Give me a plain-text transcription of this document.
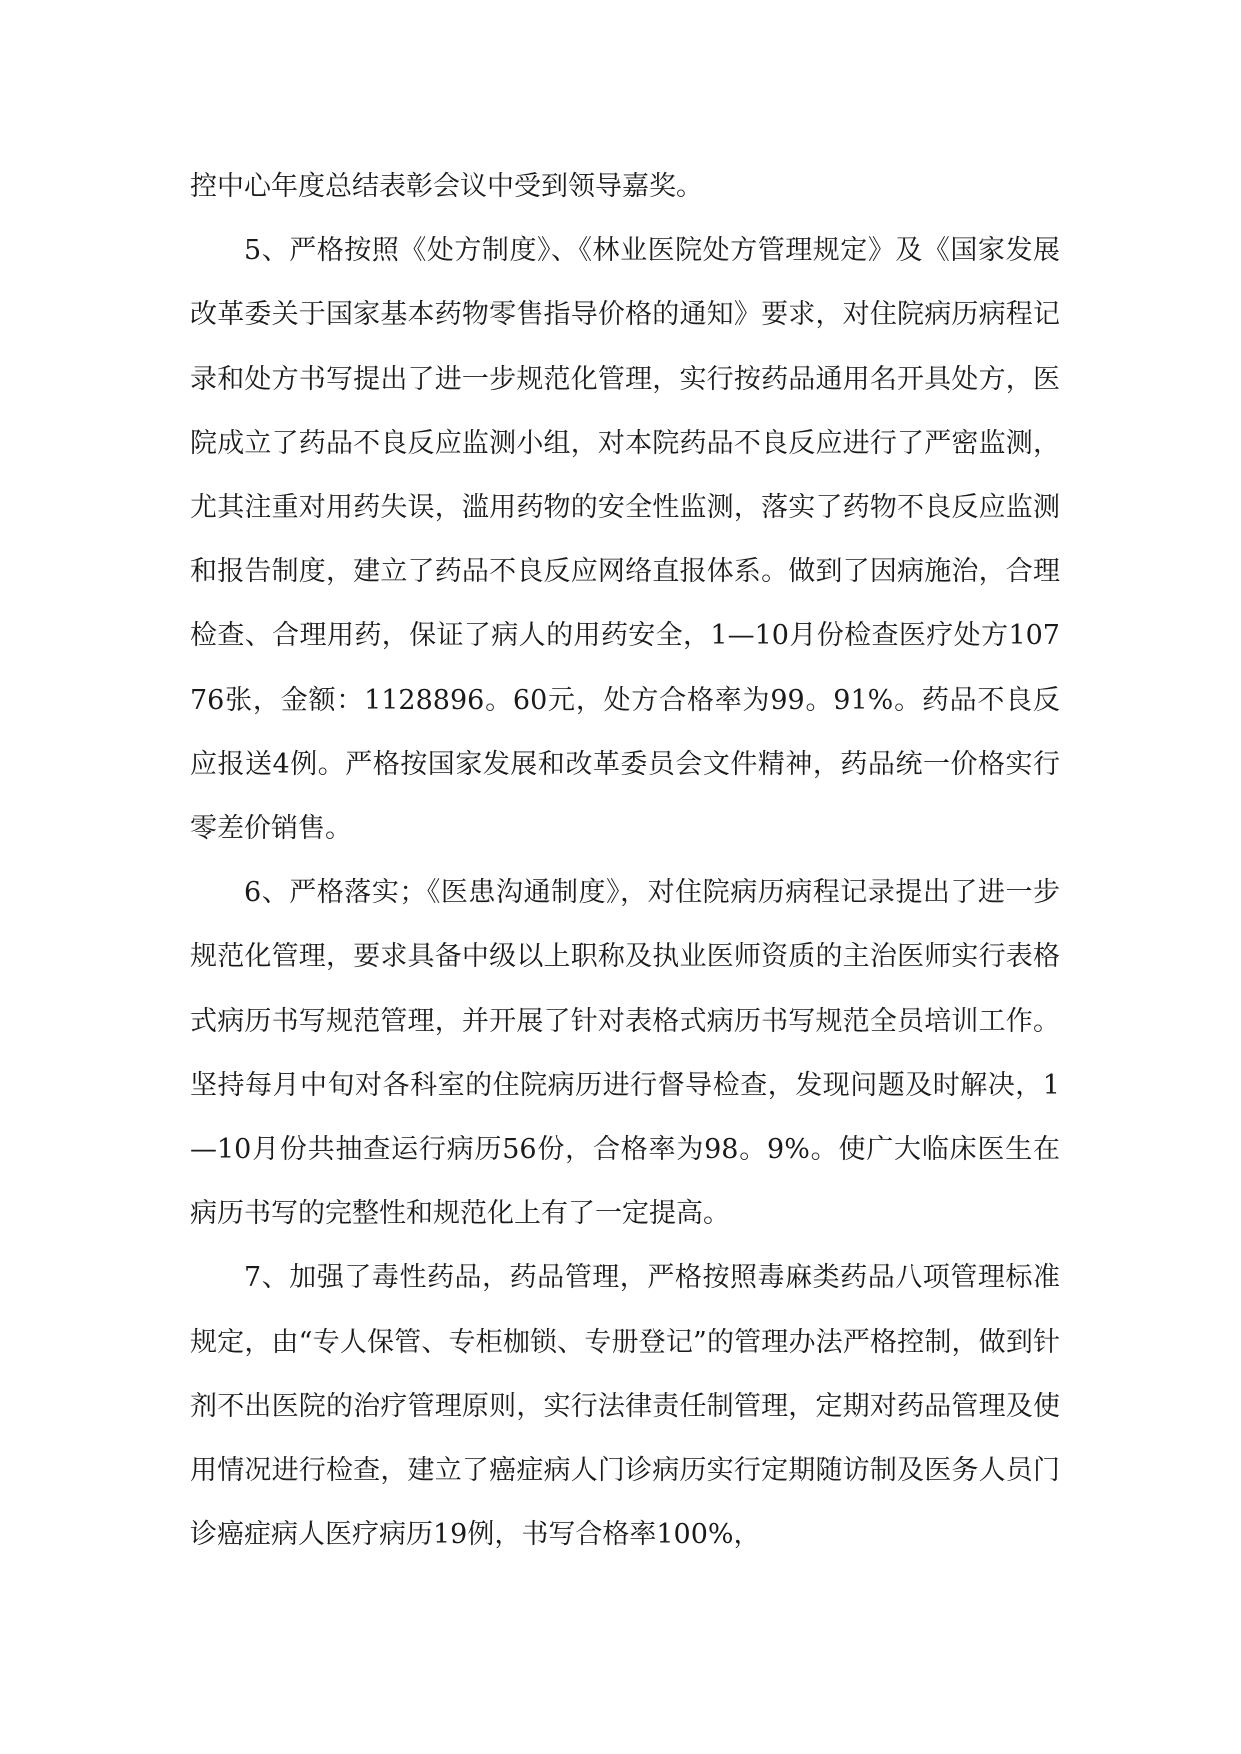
控中心年度总结表彰会议中受到领导嘉奖。

5、严格按照《处方制度》、《林业医院处方管理规定》及《国家发展改革委关于国家基本药物零售指导价格的通知》要求，对住院病历病程记录和处方书写提出了进一步规范化管理，实行按药品通用名开具处方，医院成立了药品不良反应监测小组，对本院药品不良反应进行了严密监测，尤其注重对用药失误，滥用药物的安全性监测，落实了药物不良反应监测和报告制度，建立了药品不良反应网络直报体系。做到了因病施治，合理检查、合理用药，保证了病人的用药安全，1—10月份检查医疗处方10776张，金额：1128896。60元，处方合格率为99。91%。药品不良反应报送4例。严格按国家发展和改革委员会文件精神，药品统一价格实行零差价销售。

6、严格落实；《医患沟通制度》，对住院病历病程记录提出了进一步规范化管理，要求具备中级以上职称及执业医师资质的主治医师实行表格式病历书写规范管理，并开展了针对表格式病历书写规范全员培训工作。坚持每月中旬对各科室的住院病历进行督导检查，发现问题及时解决，1—10月份共抽查运行病历56份，合格率为98。9%。使广大临床医生在病历书写的完整性和规范化上有了一定提高。

7、加强了毒性药品，药品管理，严格按照毒麻类药品八项管理标准规定，由“专人保管、专柜枷锁、专册登记”的管理办法严格控制，做到针剂不出医院的治疗管理原则，实行法律责任制管理，定期对药品管理及使用情况进行检查，建立了癌症病人门诊病历实行定期随访制及医务人员门诊癌症病人医疗病历19例，书写合格率100%，
